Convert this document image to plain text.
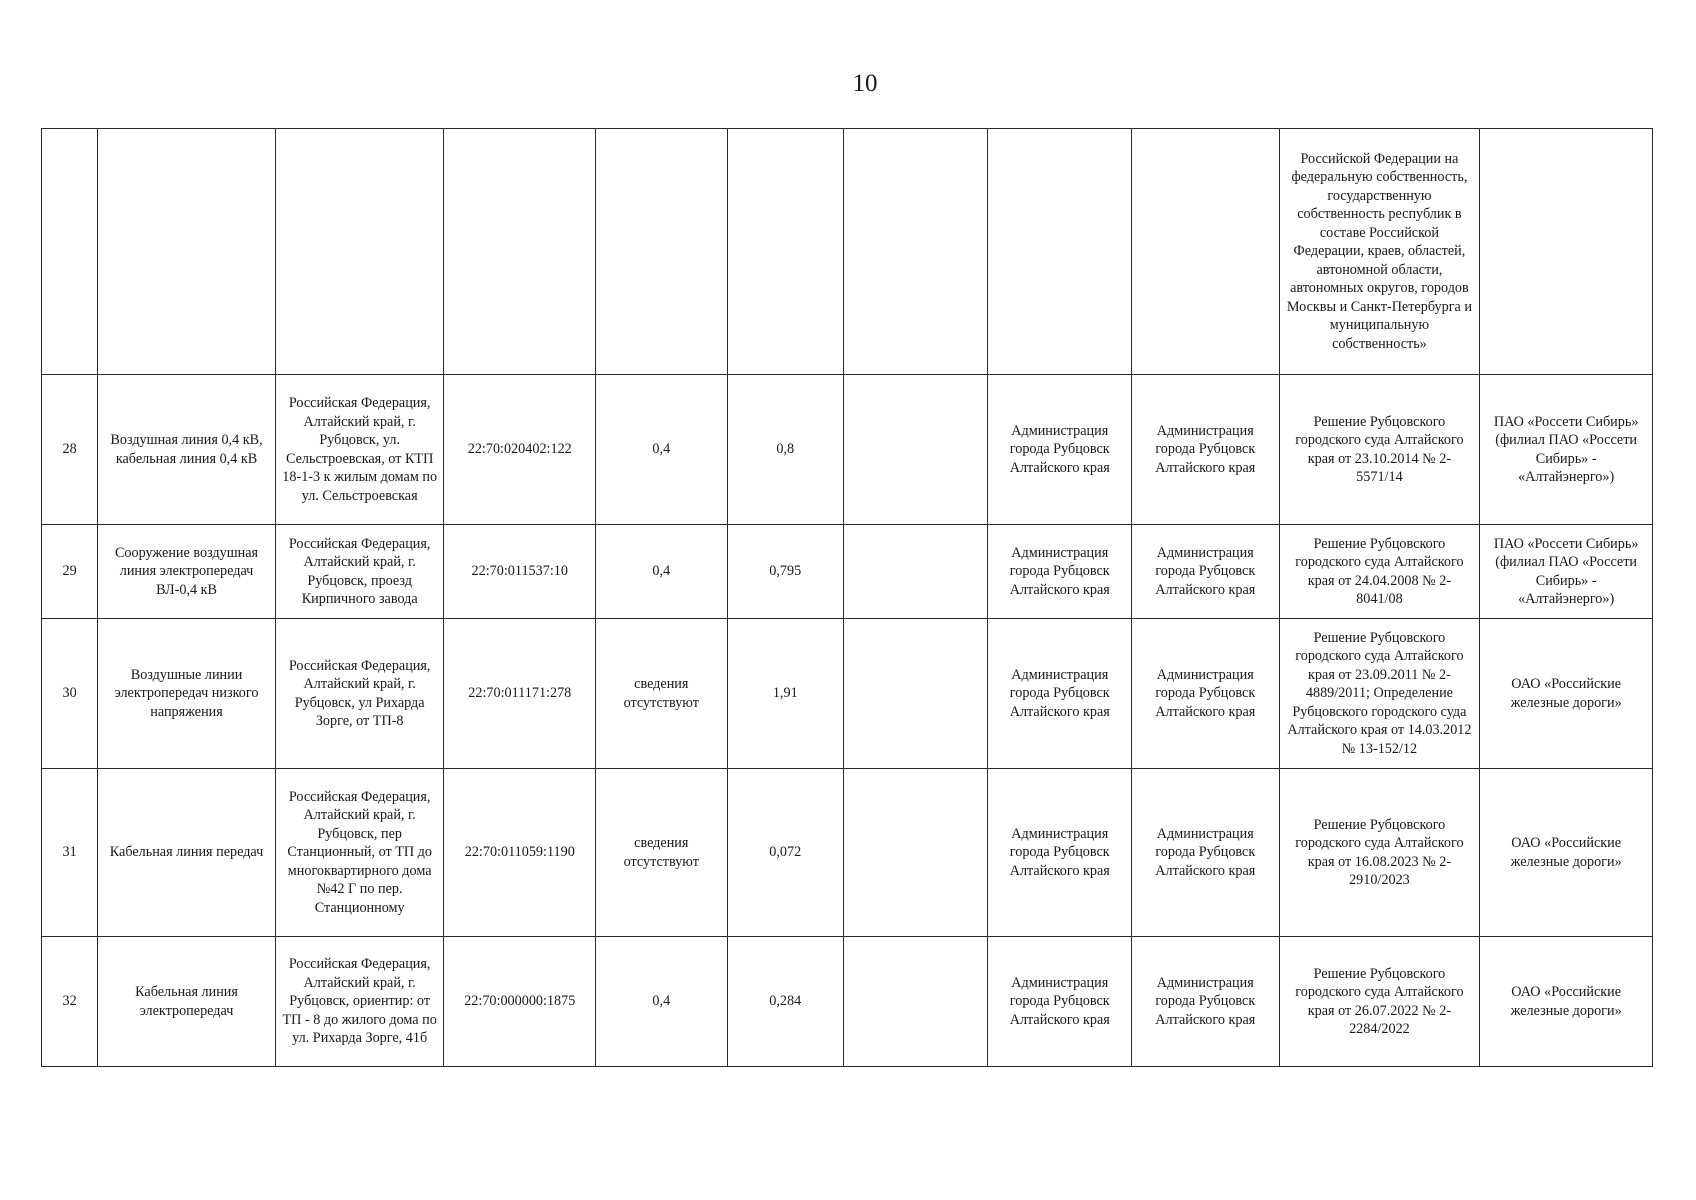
10

									Российской Федерации на федеральную собственность, государственную собственность республик в составе Российской Федерации, краев, областей, автономной области, автономных округов, городов Москвы и Санкт-Петербурга и муниципальную собственность»	

28	Воздушная линия 0,4 кВ, кабельная линия 0,4 кВ	Российская Федерация, Алтайский край, г. Рубцовск, ул. Сельстроевская, от КТП 18-1-3 к жилым домам по ул. Сельстроевская	22:70:020402:122	0,4	0,8		Администрация города Рубцовск Алтайского края	Администрация города Рубцовск Алтайского края	Решение Рубцовского городского суда Алтайского края от 23.10.2014 № 2-5571/14	ПАО «Россети Сибирь» (филиал ПАО «Россети Сибирь» - «Алтайэнерго»)
29	Сооружение воздушная линия электропередач ВЛ-0,4 кВ	Российская Федерация, Алтайский край, г. Рубцовск, проезд Кирпичного завода	22:70:011537:10	0,4	0,795		Администрация города Рубцовск Алтайского края	Администрация города Рубцовск Алтайского края	Решение Рубцовского городского суда Алтайского края от 24.04.2008 № 2-8041/08	ПАО «Россети Сибирь» (филиал ПАО «Россети Сибирь» - «Алтайэнерго»)
30	Воздушные линии электропередач низкого напряжения	Российская Федерация, Алтайский край, г. Рубцовск, ул Рихарда Зорге, от ТП-8	22:70:011171:278	сведения отсутствуют	1,91		Администрация города Рубцовск Алтайского края	Администрация города Рубцовск Алтайского края	Решение Рубцовского городского суда Алтайского края от 23.09.2011 № 2-4889/2011; Определение Рубцовского городского суда Алтайского края от 14.03.2012 № 13-152/12	ОАО «Российские железные дороги»
31	Кабельная линия передач	Российская Федерация, Алтайский край, г. Рубцовск, пер Станционный, от ТП до многоквартирного дома №42 Г по пер. Станционному	22:70:011059:1190	сведения отсутствуют	0,072		Администрация города Рубцовск Алтайского края	Администрация города Рубцовск Алтайского края	Решение Рубцовского городского суда Алтайского края от 16.08.2023 № 2-2910/2023	ОАО «Российские железные дороги»
32	Кабельная линия электропередач	Российская Федерация, Алтайский край, г. Рубцовск, ориентир: от ТП - 8 до жилого дома по ул. Рихарда Зорге, 41б	22:70:000000:1875	0,4	0,284		Администрация города Рубцовск Алтайского края	Администрация города Рубцовск Алтайского края	Решение Рубцовского городского суда Алтайского края от 26.07.2022 № 2-2284/2022	ОАО «Российские железные дороги»
